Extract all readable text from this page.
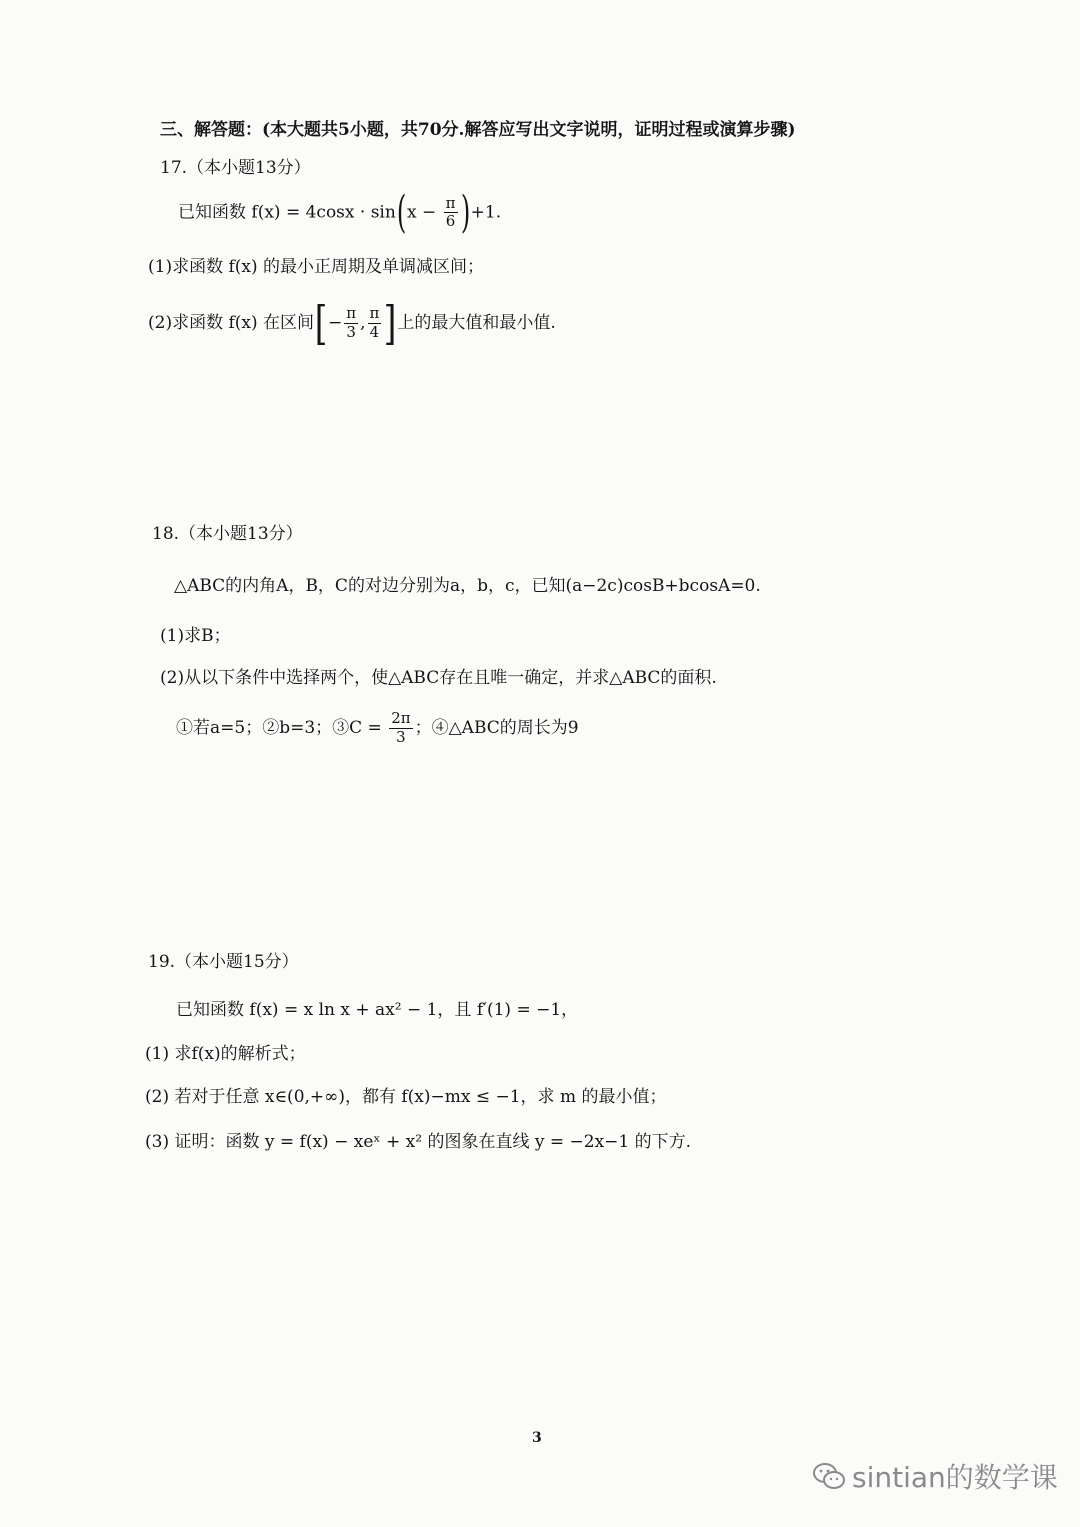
三、解答题：(本大题共5小题，共70分.解答应写出文字说明，证明过程或演算步骤)
17.（本小题13分）
已知函数 $f(x) = 4\cos x \cdot \sin(x - \frac{\pi}{6} )+1$.
(1)求函数 f(x) 的最小正周期及单调减区间；
(2)求函数 f(x) 在区间[− $\frac{\pi}{3}$ , $\frac{\pi}{4}$ ]上的最大值和最小值.
18.（本小题13分）
△ABC的内角A，B，C的对边分别为a，b，c，已知(a−2c)cosB+bcosA=0.
(1)求B；
(2)从以下条件中选择两个，使△ABC存在且唯一确定，并求△ABC的面积.
①若a=5；②b=3；③C = $\frac{2\pi}{3}$ ；④△ABC的周长为9
19.（本小题15分）
已知函数 f(x) = x ln x + ax² − 1，且 f′(1) = −1，
(1) 求f(x)的解析式；
(2) 若对于任意 x∈(0,+∞)，都有 f(x)−mx ≤ −1，求 m 的最小值；
(3) 证明：函数 y = f(x) − xeˣ + x² 的图象在直线 y = −2x−1 的下方.
3
sintian的数学课
